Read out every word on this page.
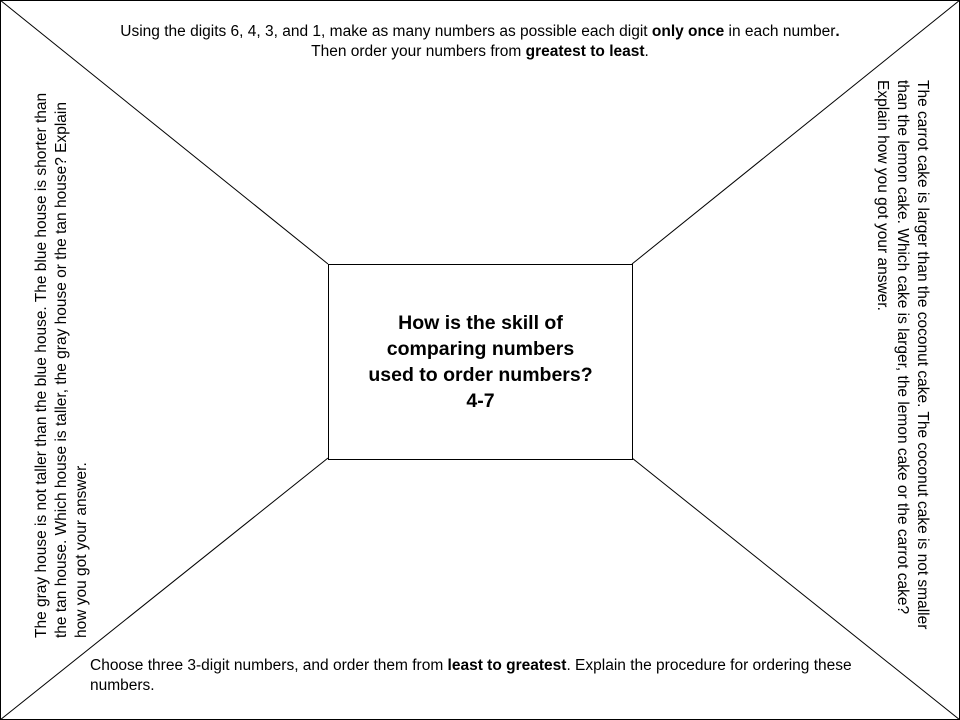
How is the skill of
comparing numbers
used to order numbers?
4-7
Using the digits 6, 4, 3, and 1, make as many numbers as possible each digit only once in each number. Then order your numbers from greatest to least.
Choose three 3-digit numbers, and order them from least to greatest. Explain the procedure for ordering these numbers.
The gray house is not taller than the blue house. The blue house is shorter than the tan house. Which house is taller, the gray house or the tan house? Explain how you got your answer.	The carrot cake is larger than the coconut cake. The coconut cake is not smaller than the lemon cake. Which cake is larger, the lemon cake or the carrot cake? Explain how you got your answer.
